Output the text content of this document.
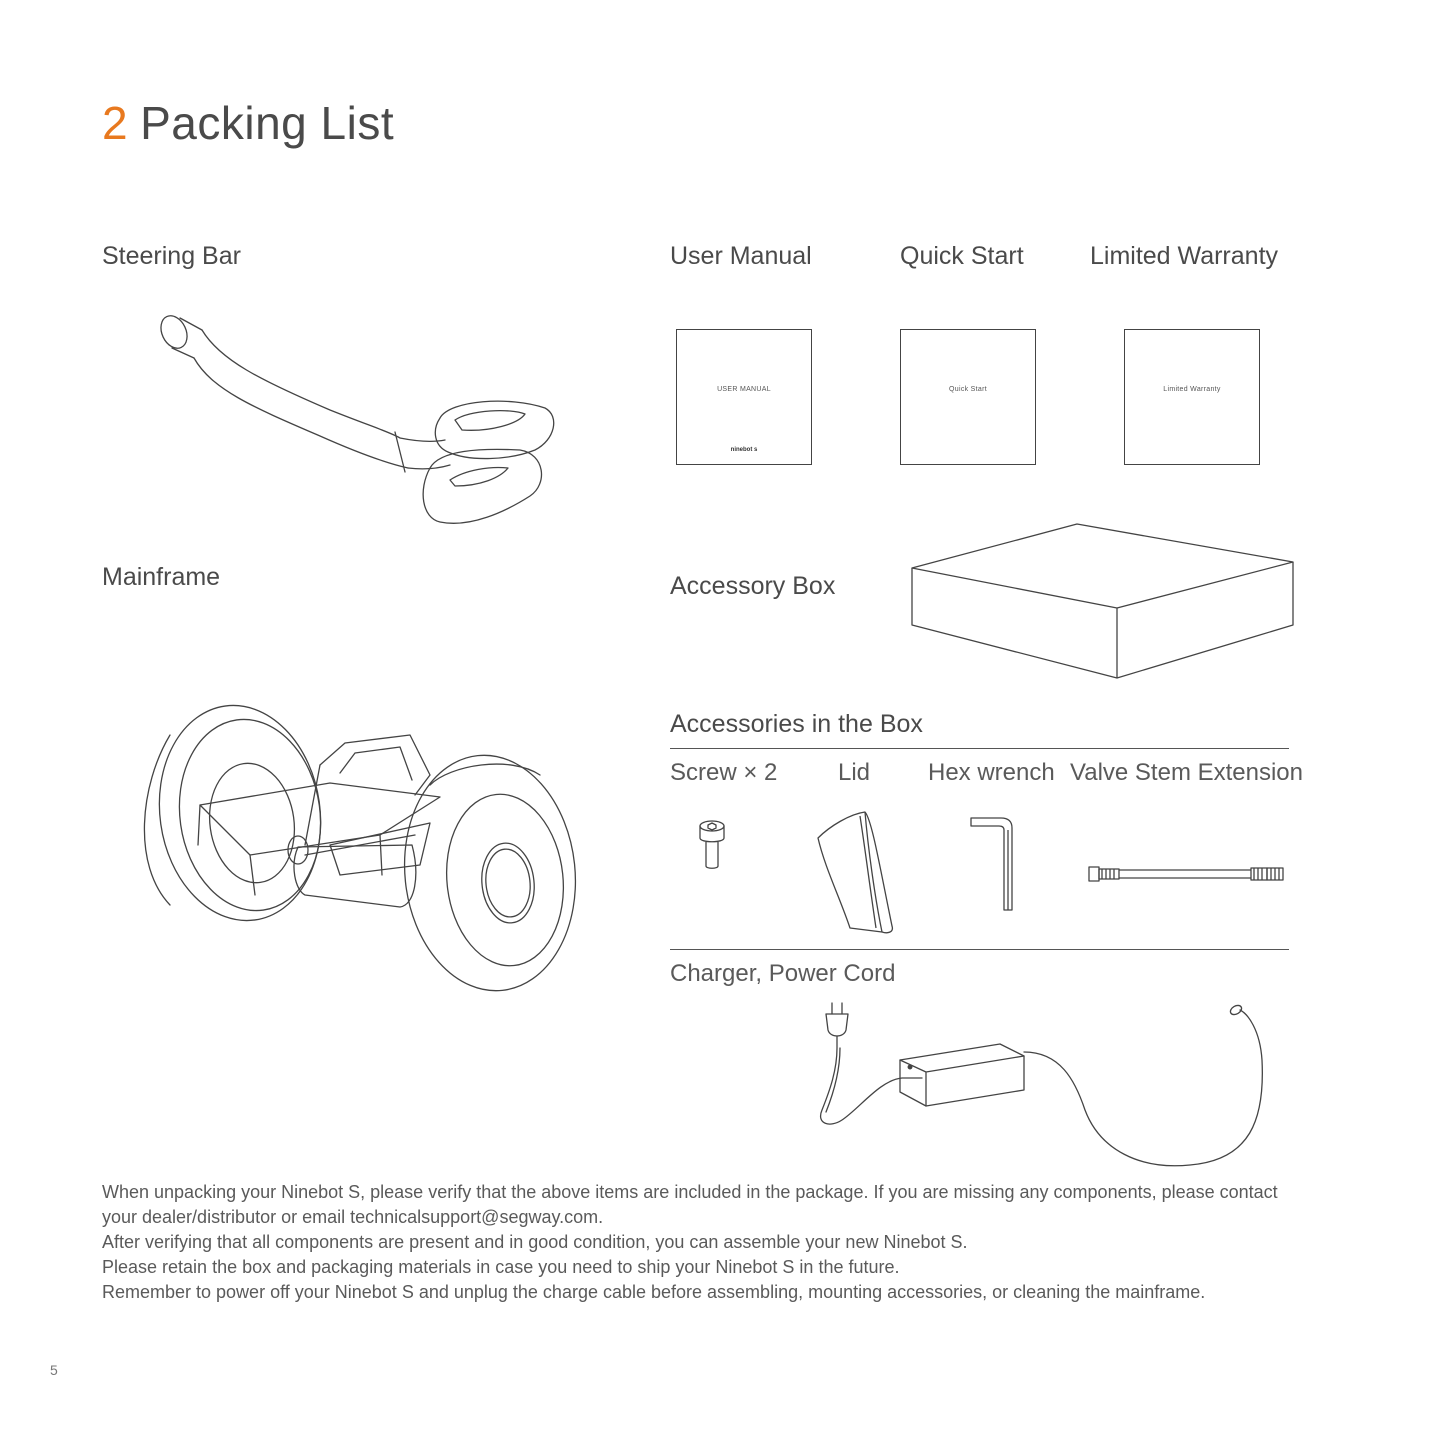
2 Packing List
Steering Bar
Mainframe
User Manual	Quick Start	Limited Warranty
USER MANUAL
ninebot s
Quick Start	Limited Warranty
Accessory Box
Accessories in the Box
Screw × 2	Lid Hex wrench Valve Stem Extension
Charger, Power Cord

When unpacking your Ninebot S, please verify that the above items are included in the package. If you are missing any components, please contact your dealer/distributor or email technicalsupport@segway.com.

After verifying that all components are present and in good condition, you can assemble your new Ninebot S.

Please retain the box and packaging materials in case you need to ship your Ninebot S in the future.

Remember to power off your Ninebot S and unplug the charge cable before assembling, mounting accessories, or cleaning the mainframe.

5
